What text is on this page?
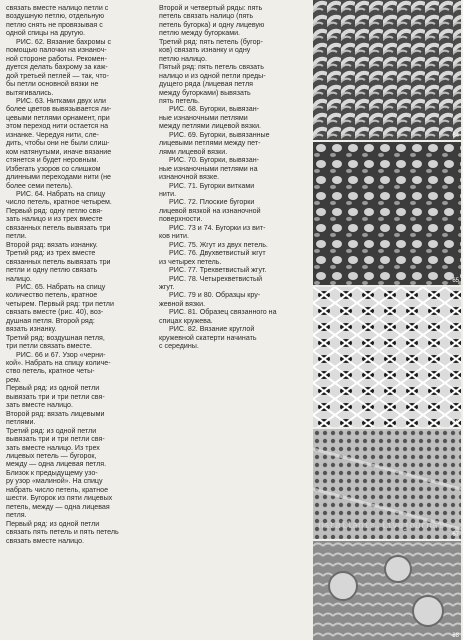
связать вместе налицо петли с

воздушную петлю, отдельную

петлю снять не провязывая с

одной спицы на другую.

РИС. 62. Вязание бахромы с

помощью палочки на изнаноч-

ной стороне работы. Рекомен-

дуется делать бахрому за каж-

дой третьей петлей — так, что-

бы петли основной вязки не

вытягивались.

РИС. 63. Нитками двух или

более цветов вывязывается ли-

цевыми петлями орнамент, при

этом переход нити остается на

изнанке. Чередуя нити, сле-

дить, чтобы они не были слиш-

ком натянутыми, иначе вязание

стянется и будет неровным.

Избегать узоров со слишком

длинными переходами нити (не

более семи петель).

РИС. 64. Набрать на спицу

число петель, кратное четырем.

Первый ряд: одну петлю свя-

зать налицо и из трех вместе

связанных петель вывязать три

петли.

Второй ряд: вязать изнанку.

Третий ряд: из трех вместе

связанных петель вывязать три

петли и одну петлю связать

налицо.

РИС. 65. Набрать на спицу

количество петель, кратное

четырем. Первый ряд: три петли

связать вместе (рис. 40), воз-

душная петля. Второй ряд:

вязать изнанку.

Третий ряд: воздушная петля,

три петли связать вместе.

РИС. 66 и 67. Узор «черни-

кой». Набрать на спицу количе-

ство петель, кратное четы-

рем.

Первый ряд: из одной петли

вывязать три и три петли свя-

зать вместе налицо.

Второй ряд: вязать лицевыми

петлями.

Третий ряд: из одной петли

вывязать три и три петли свя-

зать вместе налицо. Из трех

лицевых петель — бугорок,

между — одна лицевая петля.

Близок к предыдущему узо-

ру узор «малиной». На спицу

набрать число петель, кратное

шести. Бугорок из пяти лицевых

петель, между — одна лицевая

петля.

Первый ряд: из одной петли

связать пять петель и пять петель

связать вместе налицо.

Второй и четвертый ряды: пять

петель связать налицо (пять

петель бугорка) и одну лицевую

петлю между бугорками.

Третий ряд: пять петель (бугор-

ков) связать изнанку и одну

петлю налицо.

Пятый ряд: пять петель связать

налицо и из одной петли преды-

дущего ряда (лицевая петля

между бугорками) вывязать

пять петель.

РИС. 68. Бугорки, вывязан-

ные изнаночными петлями

между петлями лицевой вязки.

РИС. 69. Бугорки, вывязанные

лицевыми петлями между пет-

лями лицевой вязки.

РИС. 70. Бугорки, вывязан-

ные изнаночными петлями на

изнаночной вязке.

РИС. 71. Бугорки витками

нити.

РИС. 72. Плоские бугорки

лицевой вязкой на изнаночной

поверхности.

РИС. 73 и 74. Бугорки из вит-

ков нити.

РИС. 75. Жгут из двух петель.

РИС. 76. Двухветвистый жгут

из четырех петель.

РИС. 77. Трехветвистый жгут.

РИС. 78. Четырехветвистый

жгут.

РИС. 79 и 80. Образцы кру-

жевной вязки.

РИС. 81. Образец связанного на

спицах кружева.

РИС. 82. Вязание круглой

кружевной скатерти начинать

с середины.

64
65
66
67
68
natallanis.livejournal
